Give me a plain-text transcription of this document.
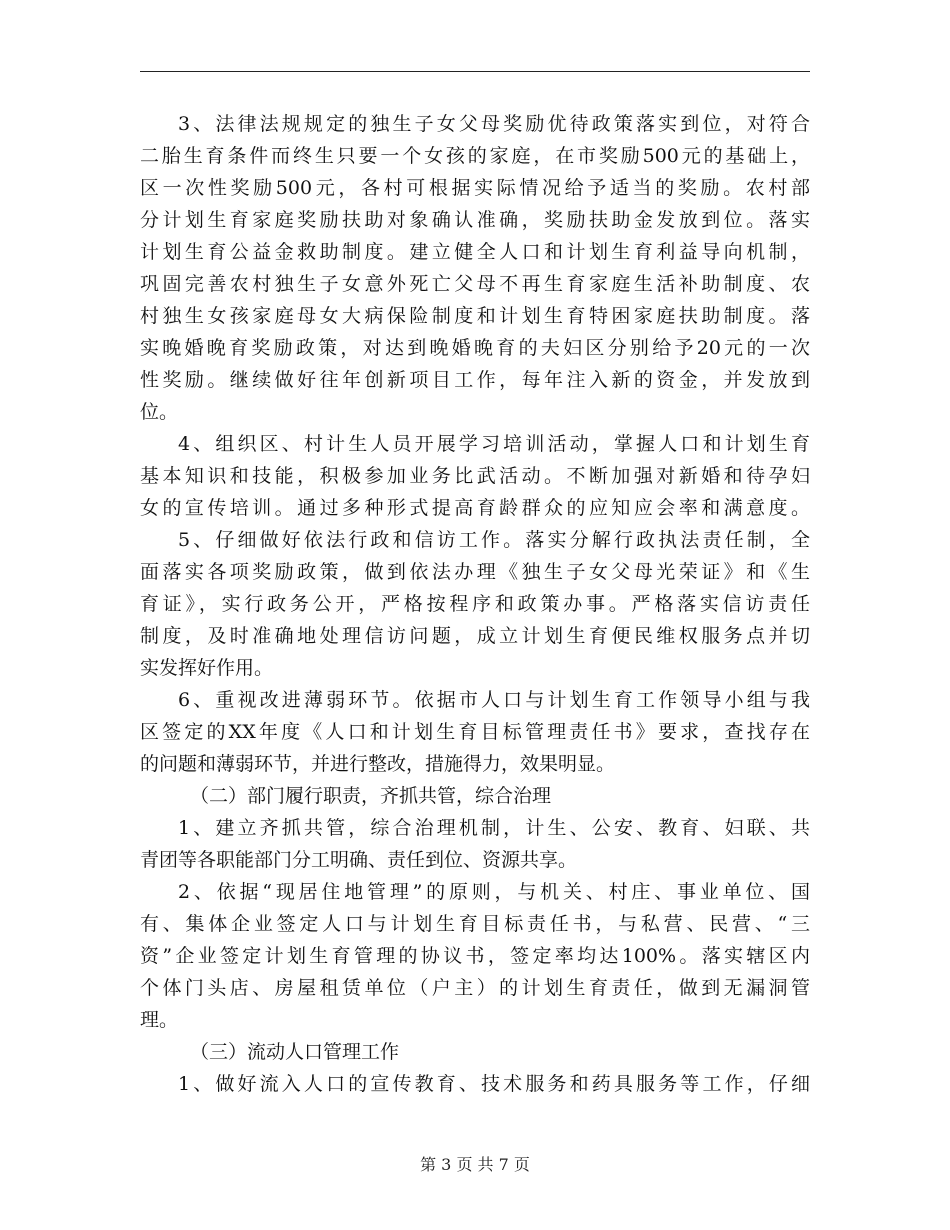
3、法律法规规定的独生子女父母奖励优待政策落实到位，对符合
二胎生育条件而终生只要一个女孩的家庭，在市奖励500元的基础上，
区一次性奖励500元，各村可根据实际情况给予适当的奖励。农村部
分计划生育家庭奖励扶助对象确认准确，奖励扶助金发放到位。落实
计划生育公益金救助制度。建立健全人口和计划生育利益导向机制，
巩固完善农村独生子女意外死亡父母不再生育家庭生活补助制度、农
村独生女孩家庭母女大病保险制度和计划生育特困家庭扶助制度。落
实晚婚晚育奖励政策，对达到晚婚晚育的夫妇区分别给予20元的一次
性奖励。继续做好往年创新项目工作，每年注入新的资金，并发放到
位。
4、组织区、村计生人员开展学习培训活动，掌握人口和计划生育
基本知识和技能，积极参加业务比武活动。不断加强对新婚和待孕妇
女的宣传培训。通过多种形式提高育龄群众的应知应会率和满意度。
5、仔细做好依法行政和信访工作。落实分解行政执法责任制，全
面落实各项奖励政策，做到依法办理《独生子女父母光荣证》和《生
育证》，实行政务公开，严格按程序和政策办事。严格落实信访责任
制度，及时准确地处理信访问题，成立计划生育便民维权服务点并切
实发挥好作用。
6、重视改进薄弱环节。依据市人口与计划生育工作领导小组与我
区签定的XX年度《人口和计划生育目标管理责任书》要求，查找存在
的问题和薄弱环节，并进行整改，措施得力，效果明显。
（二）部门履行职责，齐抓共管，综合治理
1、建立齐抓共管，综合治理机制，计生、公安、教育、妇联、共
青团等各职能部门分工明确、责任到位、资源共享。
2、依据“现居住地管理”的原则，与机关、村庄、事业单位、国
有、集体企业签定人口与计划生育目标责任书，与私营、民营、“三
资”企业签定计划生育管理的协议书，签定率均达100%。落实辖区内
个体门头店、房屋租赁单位（户主）的计划生育责任，做到无漏洞管
理。
（三）流动人口管理工作
1、做好流入人口的宣传教育、技术服务和药具服务等工作，仔细
第 3 页 共 7 页
